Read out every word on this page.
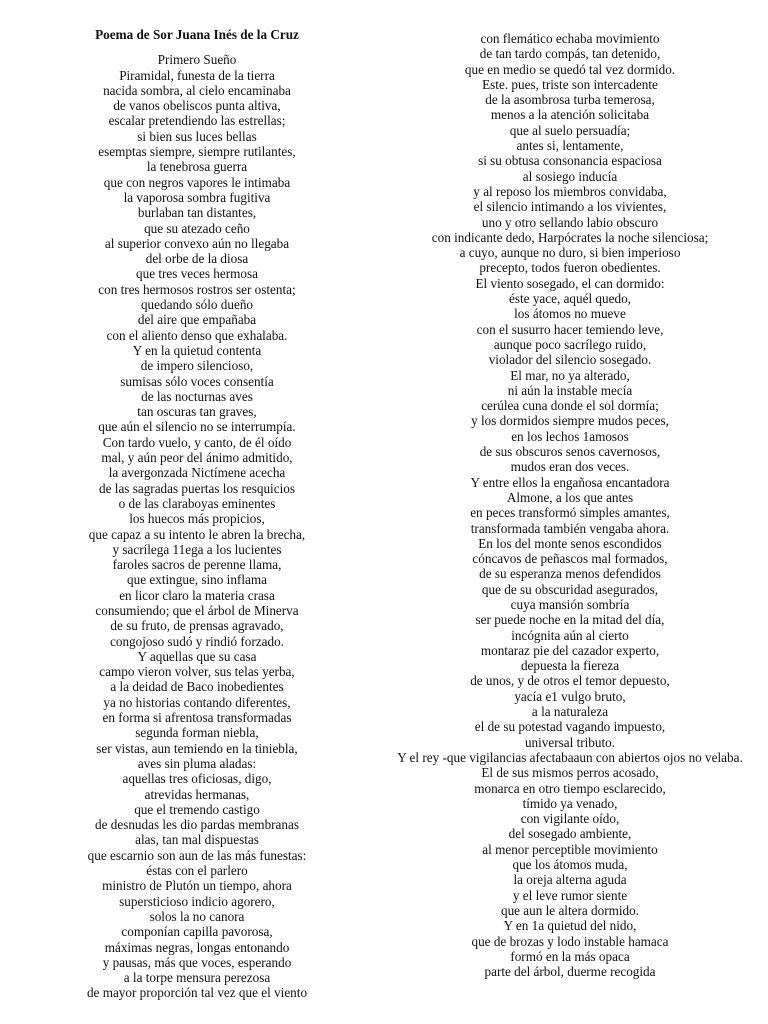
Poema de Sor Juana Inés de la Cruz
Primero Sueño
Piramidal, funesta de la tierra
nacida sombra, al cielo encaminaba
de vanos obeliscos punta altiva,
escalar pretendiendo las estrellas;
si bien sus luces bellas
esemptas siempre, siempre rutilantes,
la tenebrosa guerra
que con negros vapores le intimaba
la vaporosa sombra fugitiva
burlaban tan distantes,
que su atezado ceño
al superior convexo aún no llegaba
del orbe de la diosa
que tres veces hermosa
con tres hermosos rostros ser ostenta;
quedando sólo dueño
del aire que empañaba
con el aliento denso que exhalaba.
Y en la quietud contenta
de impero silencioso,
sumisas sólo voces consentía
de las nocturnas aves
tan oscuras tan graves,
que aún el silencio no se interrumpía.
Con tardo vuelo, y canto, de él oído
mal, y aún peor del ánimo admitido,
la avergonzada Nictímene acecha
de las sagradas puertas los resquicios
o de las claraboyas eminentes
los huecos más propicios,
que capaz a su intento le abren la brecha,
y sacrílega 11ega a los lucientes
faroles sacros de perenne llama,
que extingue, sino inflama
en licor claro la materia crasa
consumiendo; que el árbol de Minerva
de su fruto, de prensas agravado,
congojoso sudó y rindió forzado.
Y aquellas que su casa
campo vieron volver, sus telas yerba,
a la deidad de Baco inobedientes
ya no historias contando diferentes,
en forma si afrentosa transformadas
segunda forman niebla,
ser vistas, aun temiendo en la tiniebla,
aves sin pluma aladas:
aquellas tres oficiosas, digo,
atrevidas hermanas,
que el tremendo castigo
de desnudas les dio pardas membranas
alas, tan mal dispuestas
que escarnio son aun de las más funestas:
éstas con el parlero
ministro de Plutón un tiempo, ahora
supersticioso indicio agorero,
solos la no canora
componían capilla pavorosa,
máximas negras, longas entonando
y pausas, más que voces, esperando
a la torpe mensura perezosa
de mayor proporción tal vez que el viento
con flemático echaba movimiento
de tan tardo compás, tan detenido,
que en medio se quedó tal vez dormido.
Este. pues, triste son intercadente
de la asombrosa turba temerosa,
menos a la atención solicitaba
que al suelo persuadía;
antes si, lentamente,
si su obtusa consonancia espaciosa
al sosiego inducía
y al reposo los miembros convidaba,
el silencio intimando a los vivientes,
uno y otro sellando labio obscuro
con indicante dedo, Harpócrates la noche silenciosa;
a cuyo, aunque no duro, si bien imperioso
precepto, todos fueron obedientes.
El viento sosegado, el can dormido:
éste yace, aquél quedo,
los átomos no mueve
con el susurro hacer temiendo leve,
aunque poco sacrílego ruido,
violador del silencio sosegado.
El mar, no ya alterado,
ni aún la instable mecía
cerúlea cuna donde el sol dormía;
y los dormidos siempre mudos peces,
en los lechos 1amosos
de sus obscuros senos cavernosos,
mudos eran dos veces.
Y entre ellos la engañosa encantadora
Almone, a los que antes
en peces transformó simples amantes,
transformada también vengaba ahora.
En los del monte senos escondidos
cóncavos de peñascos mal formados,
de su esperanza menos defendidos
que de su obscuridad asegurados,
cuya mansión sombría
ser puede noche en la mitad del día,
incógnita aún al cierto
montaraz pie del cazador experto,
depuesta la fiereza
de unos, y de otros el temor depuesto,
yacía e1 vulgo bruto,
a la naturaleza
el de su potestad vagando impuesto,
universal tributo.
Y el rey -que vigilancias afectabaaun con abiertos ojos no velaba.
El de sus mismos perros acosado,
monarca en otro tiempo esclarecido,
tímido ya venado,
con vigilante oído,
del sosegado ambiente,
al menor perceptible movimiento
que los átomos muda,
la oreja alterna aguda
y el leve rumor siente
que aun le altera dormido.
Y en 1a quietud del nido,
que de brozas y lodo instable hamaca
formó en la más opaca
parte del árbol, duerme recogida
